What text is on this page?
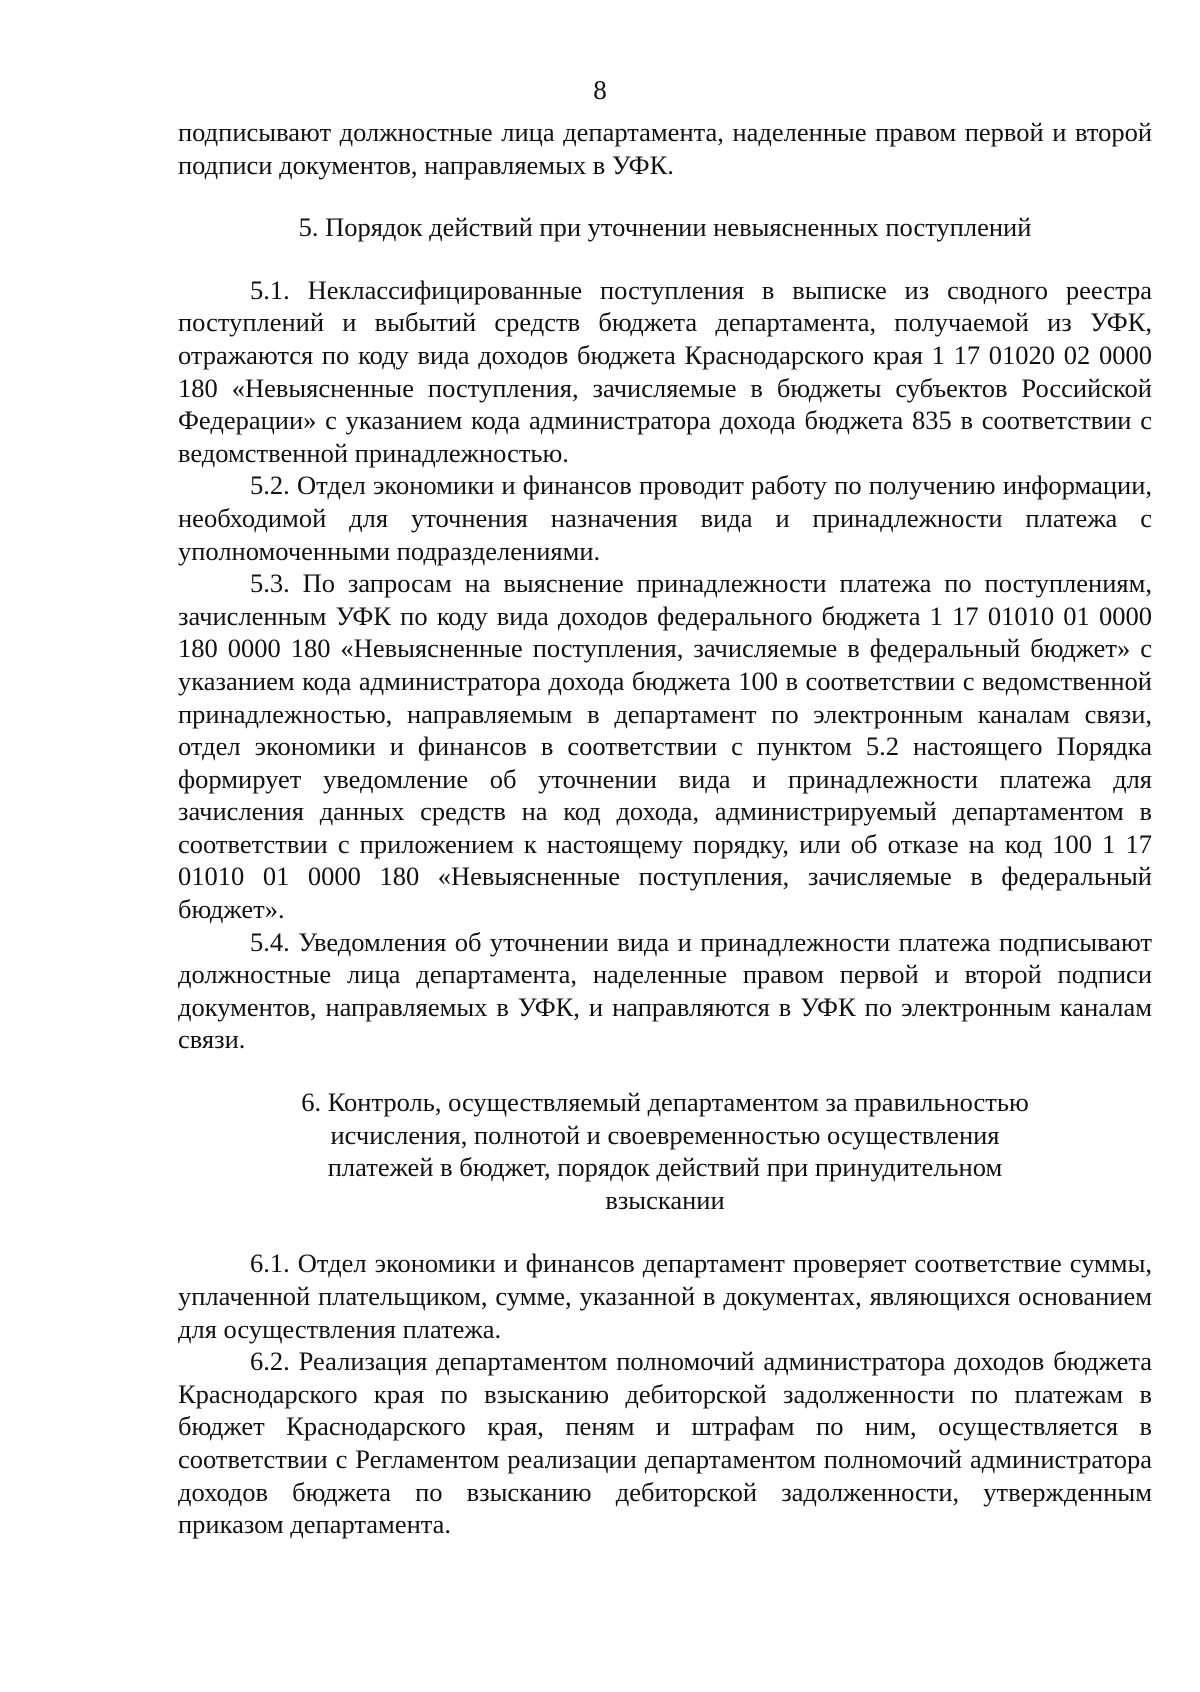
8

подписывают должностные лица департамента, наделенные правом первой и второй подписи документов, направляемых в УФК.

5. Порядок действий при уточнении невыясненных поступлений

5.1. Неклассифицированные поступления в выписке из сводного реестра поступлений и выбытий средств бюджета департамента, получаемой из УФК, отражаются по коду вида доходов бюджета Краснодарского края 1 17 01020 02 0000 180 «Невыясненные поступления, зачисляемые в бюджеты субъектов Российской Федерации» с указанием кода администратора дохода бюджета 835 в соответствии с ведомственной принадлежностью.

5.2. Отдел экономики и финансов проводит работу по получению информации, необходимой для уточнения назначения вида и принадлежности платежа с уполномоченными подразделениями.

5.3. По запросам на выяснение принадлежности платежа по поступлениям, зачисленным УФК по коду вида доходов федерального бюджета 1 17 01010 01 0000 180 0000 180 «Невыясненные поступления, зачисляемые в федеральный бюджет» с указанием кода администратора дохода бюджета 100 в соответствии с ведомственной принадлежностью, направляемым в департамент по электронным каналам связи, отдел экономики и финансов в соответствии с пунктом 5.2 настоящего Порядка формирует уведомление об уточнении вида и принадлежности платежа для зачисления данных средств на код дохода, администрируемый департаментом в соответствии с приложением к настоящему порядку, или об отказе на код 100 1 17 01010 01 0000 180 «Невыясненные поступления, зачисляемые в федеральный бюджет».

5.4. Уведомления об уточнении вида и принадлежности платежа подписывают должностные лица департамента, наделенные правом первой и второй подписи документов, направляемых в УФК, и направляются в УФК по электронным каналам связи.

6. Контроль, осуществляемый департаментом за правильностью исчисления, полнотой и своевременностью осуществления платежей в бюджет, порядок действий при принудительном взыскании

6.1. Отдел экономики и финансов департамент проверяет соответствие суммы, уплаченной плательщиком, сумме, указанной в документах, являющихся основанием для осуществления платежа.

6.2. Реализация департаментом полномочий администратора доходов бюджета Краснодарского края по взысканию дебиторской задолженности по платежам в бюджет Краснодарского края, пеням и штрафам по ним, осуществляется в соответствии с Регламентом реализации департаментом полномочий администратора доходов бюджета по взысканию дебиторской задолженности, утвержденным приказом департамента.
